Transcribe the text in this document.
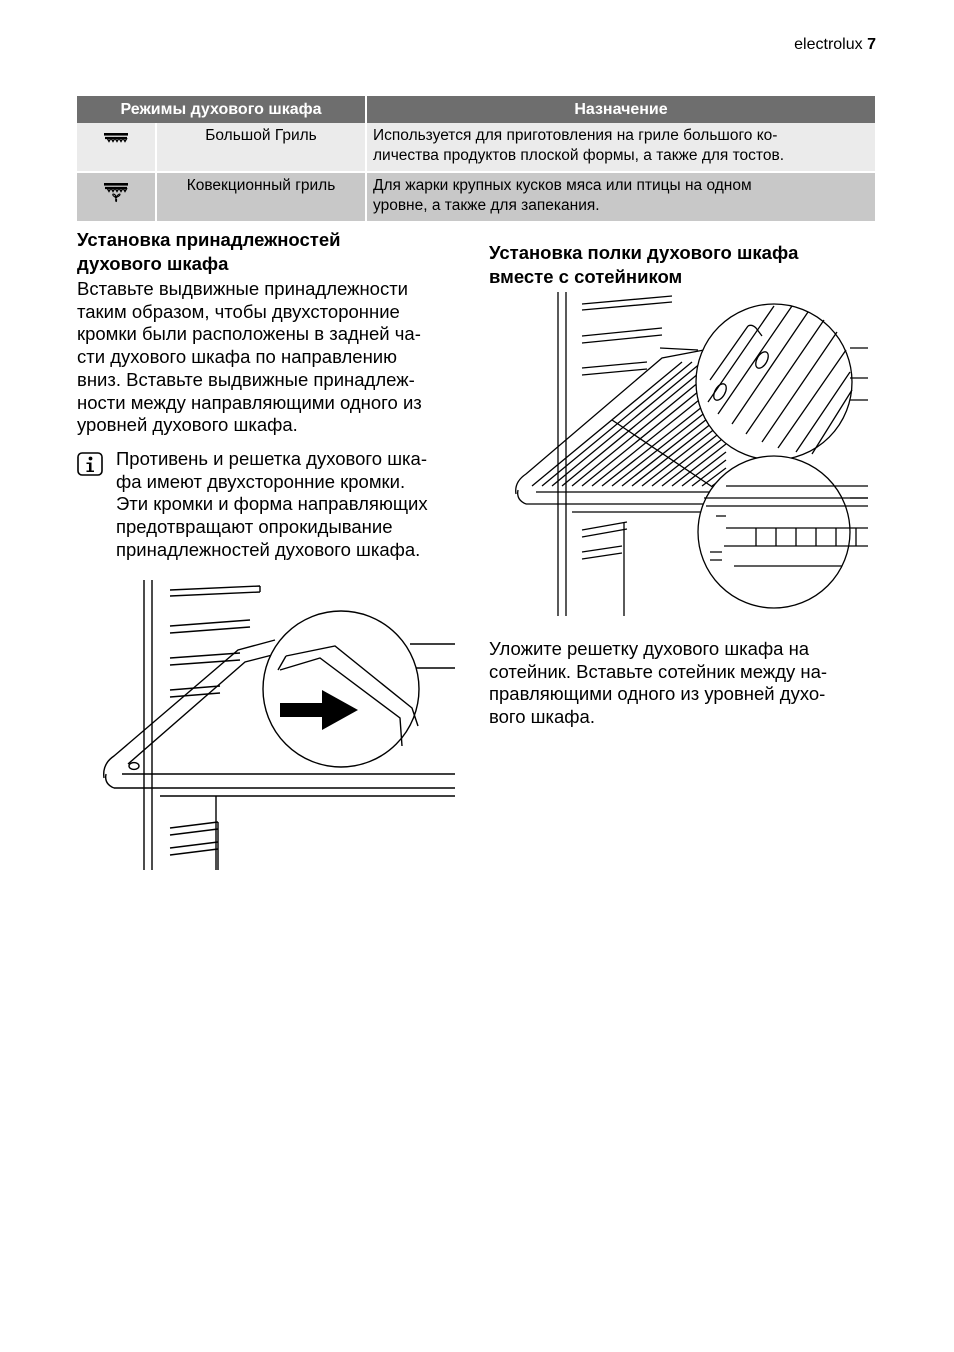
electrolux 7
Режимы духового шкафа		Назначение

	Большой Гриль	Используется для приготовления на гриле большого ко-
личества продуктов плоской формы, а также для тостов.

	Ковекционный гриль	Для жарки крупных кусков мяса или птицы на одном
уровне, а также для запекания.
Установка принадлежностей
духового шкафа

Вставьте выдвижные принадлежности
таким образом, чтобы двухсторонние
кромки были расположены в задней ча-
сти духового шкафа по направлению
вниз. Вставьте выдвижные принадлеж-
ности между направляющими одного из
уровней духового шкафа.

Противень и решетка духового шка-
фа имеют двухсторонние кромки.
Эти кромки и форма направляющих
предотвращают опрокидывание
принадлежностей духового шкафа.

Установка полки духового шкафа
вместе с сотейником

Уложите решетку духового шкафа на
сотейник. Вставьте сотейник между на-
правляющими одного из уровней духо-
вого шкафа.
